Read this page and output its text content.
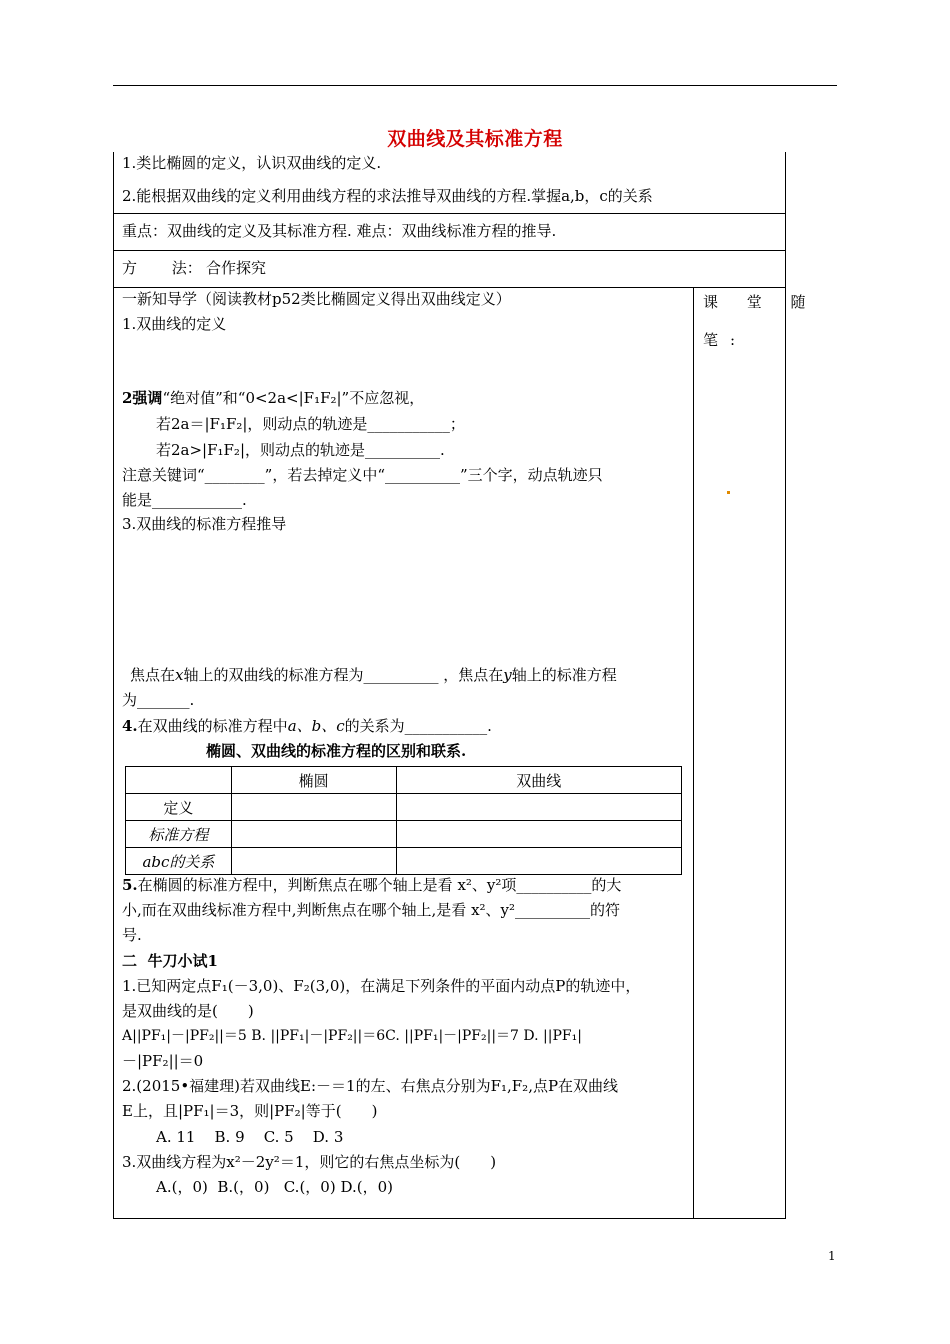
双曲线及其标准方程
1.类比椭圆的定义，认识双曲线的定义.
2.能根据双曲线的定义利用曲线方程的求法推导双曲线的方程.掌握a,b，c的关系
重点：双曲线的定义及其标准方程. 难点：双曲线标准方程的推导.
方 法： 合作探究
课 堂 随
笔:
一新知导学（阅读教材p52类比椭圆定义得出双曲线定义）
1.双曲线的定义
2强调“绝对值”和“0<2a<|F₁F₂|”不应忽视，
若2a＝|F₁F₂|，则动点的轨迹是___________；
若2a>|F₁F₂|，则动点的轨迹是__________.
注意关键词“________”，若去掉定义中“__________”三个字，动点轨迹只
能是____________.
3.双曲线的标准方程推导
焦点在x轴上的双曲线的标准方程为__________ ，焦点在y轴上的标准方程
为_______.
4.在双曲线的标准方程中a、b、c的关系为___________.
椭圆、双曲线的标准方程的区别和联系.
	椭圆	双曲线
定义		
标准方程		
abc的关系		
5.在椭圆的标准方程中，判断焦点在哪个轴上是看 x²、y²项__________的大
小,而在双曲线标准方程中,判断焦点在哪个轴上,是看 x²、y²__________的符
号.
二  牛刀小试1
1.已知两定点F₁(－3,0)、F₂(3,0)，在满足下列条件的平面内动点P的轨迹中，
是双曲线的是(　　)
A||PF₁|－|PF₂||＝5 B. ||PF₁|－|PF₂||＝6C. ||PF₁|－|PF₂||＝7 D. ||PF₁|
－|PF₂||＝0
2.(2015•福建理)若双曲线E:－＝1的左、右焦点分别为F₁,F₂,点P在双曲线
E上，且|PF₁|＝3，则|PF₂|等于(　　)
A. 11    B. 9    C. 5    D. 3
3.双曲线方程为x²－2y²＝1，则它的右焦点坐标为(　　)
A.(，0)  B.(，0)   C.(，0) D.(，0)
1
